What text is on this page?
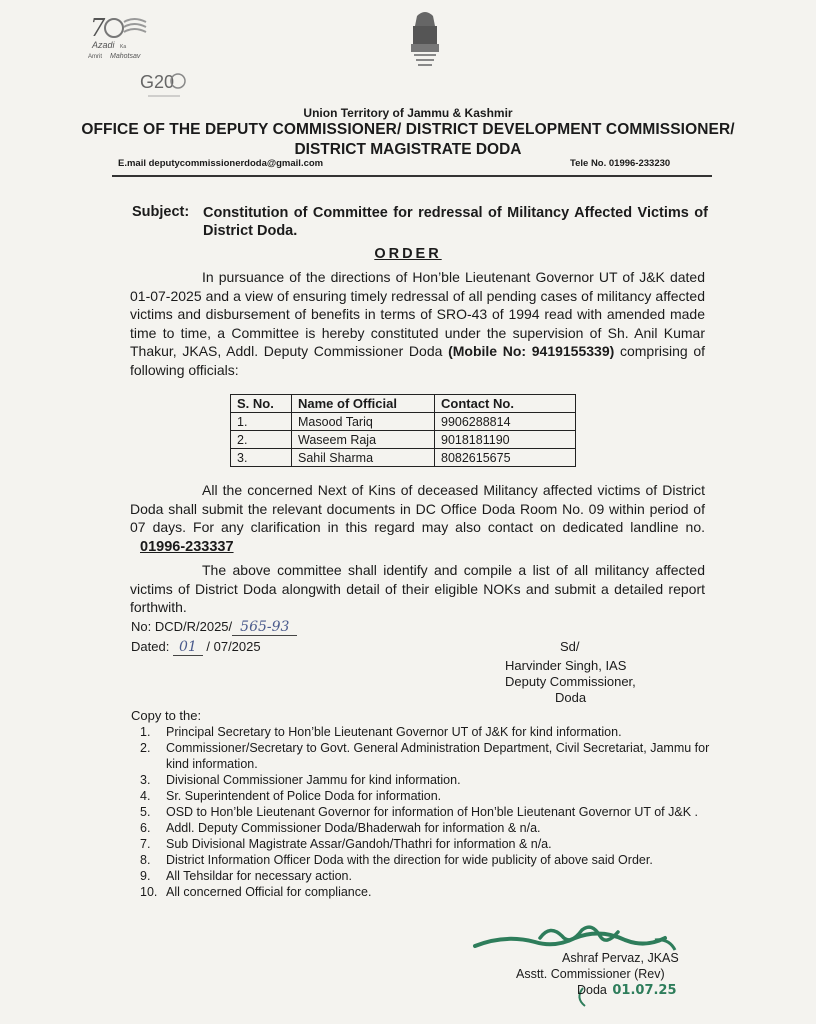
7
Azadi Ka
Amrit Mahotsav
G20
Union Territory of Jammu & Kashmir
OFFICE OF THE DEPUTY COMMISSIONER/ DISTRICT DEVELOPMENT COMMISSIONER/
DISTRICT MAGISTRATE DODA
E.mail deputycommissionerdoda@gmail.com	Tele No. 01996-233230
Subject: Constitution of Committee for redressal of Militancy Affected Victims of District Doda.
ORDER
In pursuance of the directions of Hon’ble Lieutenant Governor UT of J&K dated 01-07-2025 and a view of ensuring timely redressal of all pending cases of militancy affected victims and disbursement of benefits in terms of SRO-43 of 1994 read with amended made time to time, a Committee is hereby constituted under the supervision of Sh. Anil Kumar Thakur, JKAS, Addl. Deputy Commissioner Doda (Mobile No: 9419155339) comprising of following officials:
S. No.	Name of Official	Contact No.
1.	Masood Tariq	9906288814
2.	Waseem Raja	9018181190
3.	Sahil Sharma	8082615675
All the concerned Next of Kins of deceased Militancy affected victims of District Doda shall submit the relevant documents in DC Office Doda Room No. 09 within period of 07 days. For any clarification in this regard may also contact on dedicated landline no. 01996-233337
The above committee shall identify and compile a list of all militancy affected victims of District Doda alongwith detail of their eligible NOKs and submit a detailed report forthwith.
No: DCD/R/2025/ 565-93
Dated: 01 / 07/2025	Sd/
Harvinder Singh, IAS
Deputy Commissioner,
Doda
Copy to the:
1. Principal Secretary to Hon’ble Lieutenant Governor UT of J&K for kind information.
2. Commissioner/Secretary to Govt. General Administration Department, Civil Secretariat, Jammu for kind information.
3. Divisional Commissioner Jammu for kind information.
4. Sr. Superintendent of Police Doda for information.
5. OSD to Hon’ble Lieutenant Governor for information of Hon’ble Lieutenant Governor UT of J&K .
6. Addl. Deputy Commissioner Doda/Bhaderwah for information & n/a.
7. Sub Divisional Magistrate Assar/Gandoh/Thathri for information & n/a.
8. District Information Officer Doda with the direction for wide publicity of above said Order.
9. All Tehsildar for necessary action.
10. All concerned Official for compliance.
Ashraf Pervaz, JKAS
Asstt. Commissioner (Rev)
Doda 01.07.25
